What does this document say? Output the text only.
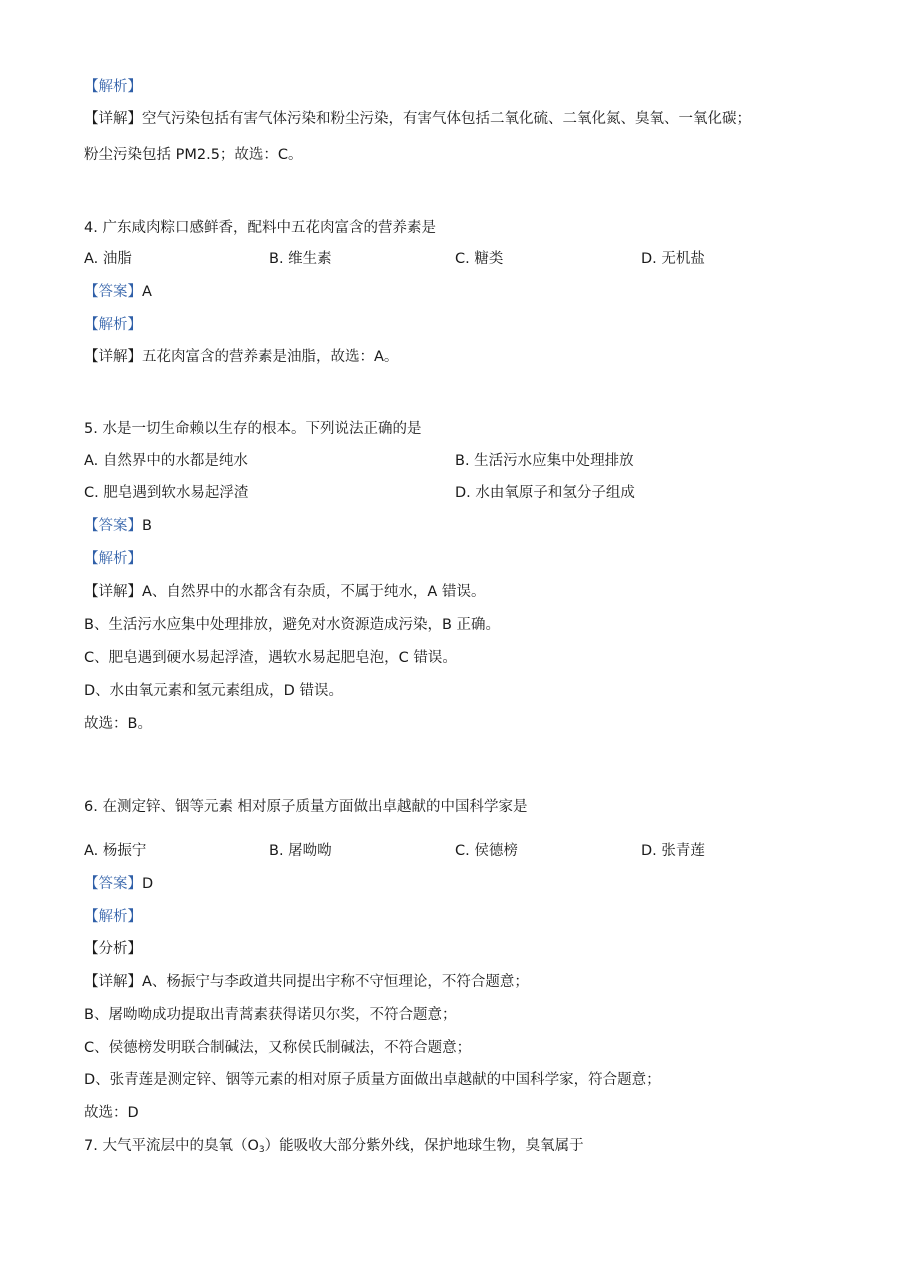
【解析】
【详解】空气污染包括有害气体污染和粉尘污染，有害气体包括二氧化硫、二氧化氮、臭氧、一氧化碳；
粉尘污染包括 PM2.5；故选：C。
4. 广东咸肉粽口感鲜香，配料中五花肉富含的营养素是
A. 油脂	B. 维生素	C. 糖类	D. 无机盐
【答案】A
【解析】
【详解】五花肉富含的营养素是油脂，故选：A。
5. 水是一切生命赖以生存的根本。下列说法正确的是
A. 自然界中的水都是纯水	B. 生活污水应集中处理排放
C. 肥皂遇到软水易起浮渣	D. 水由氧原子和氢分子组成
【答案】B
【解析】
【详解】A、自然界中的水都含有杂质，不属于纯水，A 错误。
B、生活污水应集中处理排放，避免对水资源造成污染，B 正确。
C、肥皂遇到硬水易起浮渣，遇软水易起肥皂泡，C 错误。
D、水由氧元素和氢元素组成，D 错误。
故选：B。
6. 在测定锌、铟等元素 相对原子质量方面做出卓越献的中国科学家是
A. 杨振宁	B. 屠呦呦	C. 侯德榜	D. 张青莲
【答案】D
【解析】
【分析】
【详解】A、杨振宁与李政道共同提出宇称不守恒理论，不符合题意；
B、屠呦呦成功提取出青蒿素获得诺贝尔奖，不符合题意；
C、侯德榜发明联合制碱法，又称侯氏制碱法，不符合题意；
D、张青莲是测定锌、铟等元素的相对原子质量方面做出卓越献的中国科学家，符合题意；
故选：D
7. 大气平流层中的臭氧$(O_3)$能吸收大部分紫外线，保护地球生物，臭氧属于
